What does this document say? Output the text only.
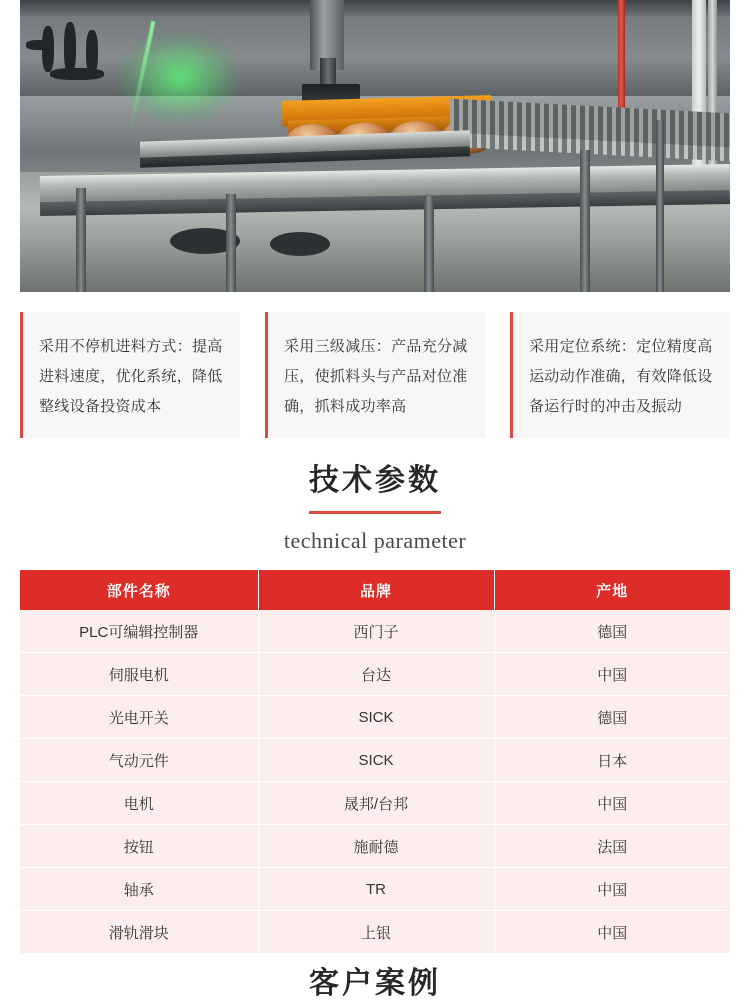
采用不停机进料方式：提高进料速度，优化系统，降低整线设备投资成本
采用三级减压：产品充分减压，使抓料头与产品对位准确，抓料成功率高
采用定位系统：定位精度高运动动作准确，有效降低设备运行时的冲击及振动
技术参数
technical parameter
部件名称	品牌	产地
PLC可编辑控制器	西门子	德国
伺服电机	台达	中国
光电开关	SICK	德国
气动元件	SICK	日本
电机	晟邦/台邦	中国
按钮	施耐德	法国
轴承	TR	中国
滑轨滑块	上银	中国
客户案例
